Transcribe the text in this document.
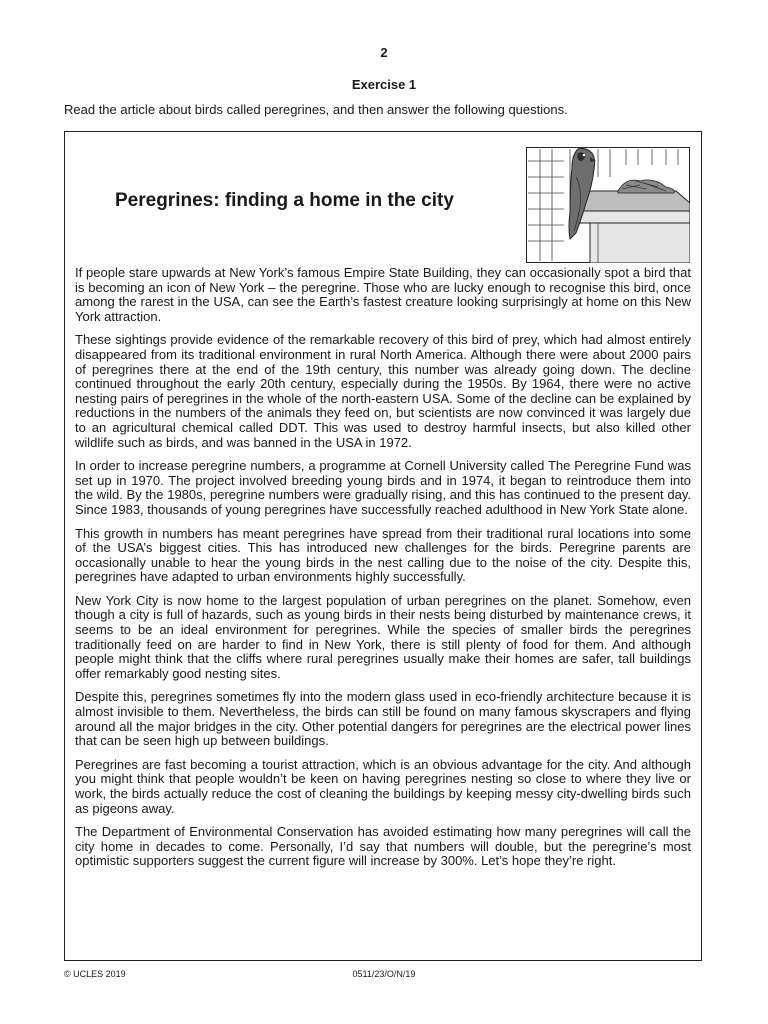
2
Exercise 1
Read the article about birds called peregrines, and then answer the following questions.
Peregrines: finding a home in the city

If people stare upwards at New York’s famous Empire State Building, they can occasionally spot a bird that is becoming an icon of New York – the peregrine. Those who are lucky enough to recognise this bird, once among the rarest in the USA, can see the Earth’s fastest creature looking surprisingly at home on this New York attraction.

These sightings provide evidence of the remarkable recovery of this bird of prey, which had almost entirely disappeared from its traditional environment in rural North America. Although there were about 2000 pairs of peregrines there at the end of the 19th century, this number was already going down. The decline continued throughout the early 20th century, especially during the 1950s. By 1964, there were no active nesting pairs of peregrines in the whole of the north-eastern USA. Some of the decline can be explained by reductions in the numbers of the animals they feed on, but scientists are now convinced it was largely due to an agricultural chemical called DDT. This was used to destroy harmful insects, but also killed other wildlife such as birds, and was banned in the USA in 1972.

In order to increase peregrine numbers, a programme at Cornell University called The Peregrine Fund was set up in 1970. The project involved breeding young birds and in 1974, it began to reintroduce them into the wild. By the 1980s, peregrine numbers were gradually rising, and this has continued to the present day. Since 1983, thousands of young peregrines have successfully reached adulthood in New York State alone.

This growth in numbers has meant peregrines have spread from their traditional rural locations into some of the USA’s biggest cities. This has introduced new challenges for the birds. Peregrine parents are occasionally unable to hear the young birds in the nest calling due to the noise of the city. Despite this, peregrines have adapted to urban environments highly successfully.

New York City is now home to the largest population of urban peregrines on the planet. Somehow, even though a city is full of hazards, such as young birds in their nests being disturbed by maintenance crews, it seems to be an ideal environment for peregrines. While the species of smaller birds the peregrines traditionally feed on are harder to find in New York, there is still plenty of food for them. And although people might think that the cliffs where rural peregrines usually make their homes are safer, tall buildings offer remarkably good nesting sites.

Despite this, peregrines sometimes fly into the modern glass used in eco-friendly architecture because it is almost invisible to them. Nevertheless, the birds can still be found on many famous skyscrapers and flying around all the major bridges in the city. Other potential dangers for peregrines are the electrical power lines that can be seen high up between buildings.

Peregrines are fast becoming a tourist attraction, which is an obvious advantage for the city. And although you might think that people wouldn’t be keen on having peregrines nesting so close to where they live or work, the birds actually reduce the cost of cleaning the buildings by keeping messy city-dwelling birds such as pigeons away.

The Department of Environmental Conservation has avoided estimating how many peregrines will call the city home in decades to come. Personally, I’d say that numbers will double, but the peregrine’s most optimistic supporters suggest the current figure will increase by 300%. Let’s hope they’re right.

© UCLES 2019	0511/23/O/N/19
